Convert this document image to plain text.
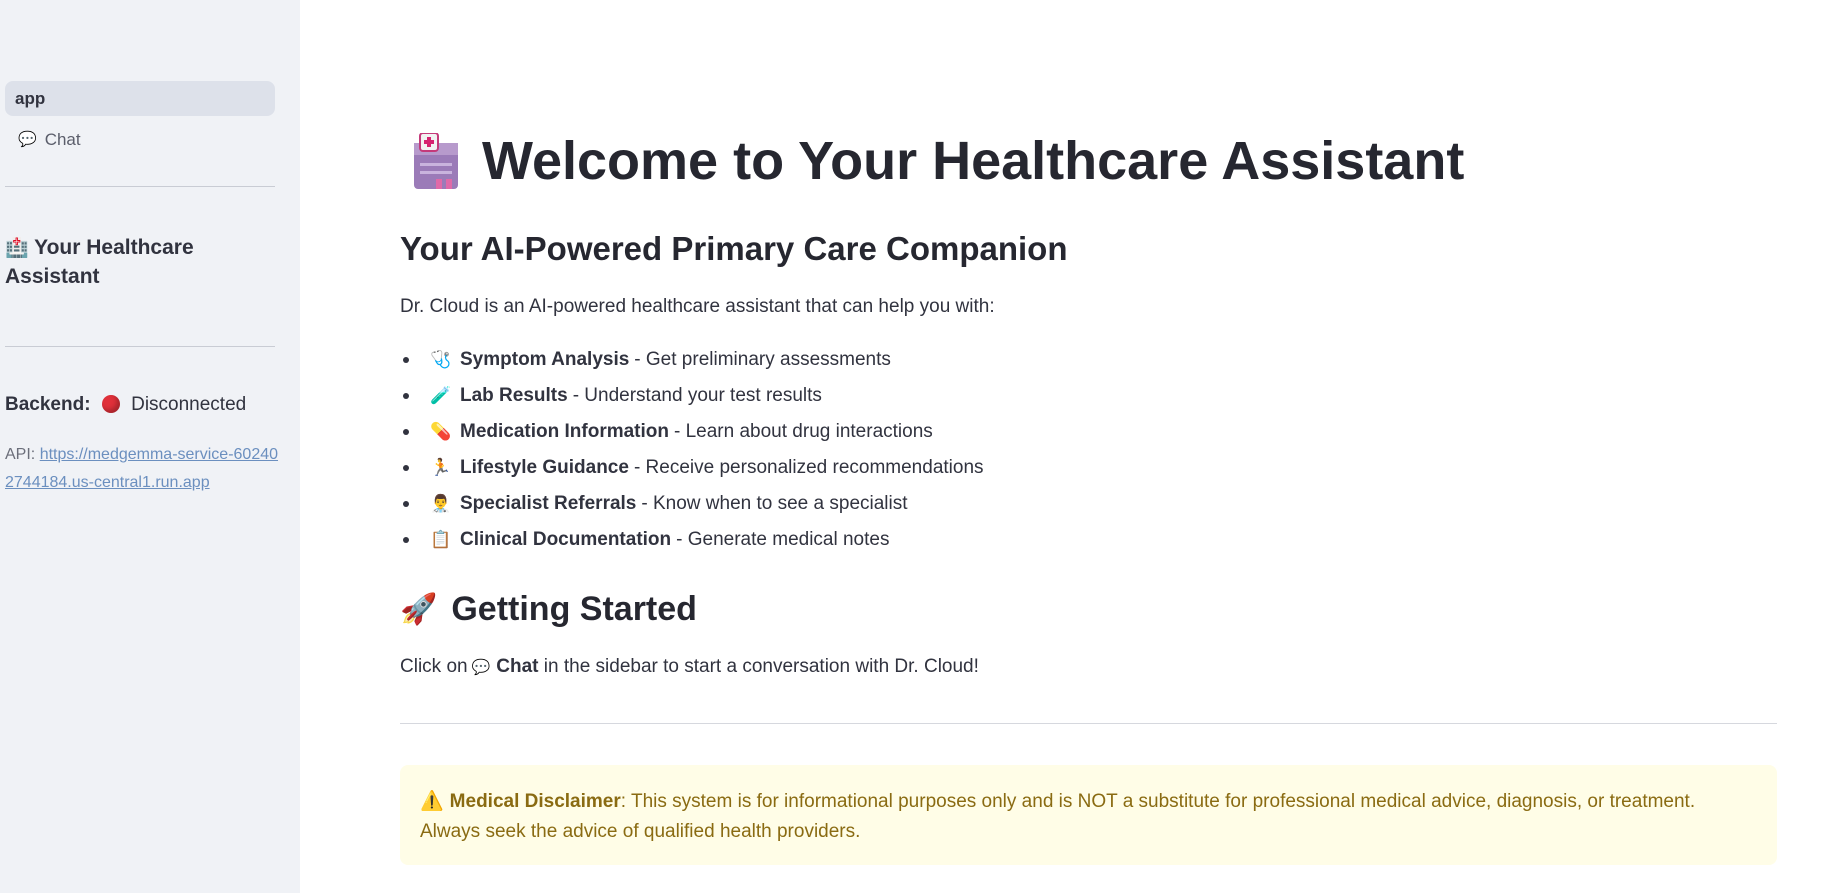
app
💬 Chat
🏥 Your Healthcare Assistant
Backend: Disconnected
API: https://medgemma-service-602402744184.us-central1.run.app
Welcome to Your Healthcare Assistant
Your AI-Powered Primary Care Companion
Dr. Cloud is an AI-powered healthcare assistant that can help you with:
🩺 Symptom Analysis - Get preliminary assessments
🧪 Lab Results - Understand your test results
💊 Medication Information - Learn about drug interactions
🏃 Lifestyle Guidance - Receive personalized recommendations
👨‍⚕️ Specialist Referrals - Know when to see a specialist
📋 Clinical Documentation - Generate medical notes
🚀 Getting Started
Click on 💬 Chat in the sidebar to start a conversation with Dr. Cloud!
⚠️ Medical Disclaimer: This system is for informational purposes only and is NOT a substitute for professional medical advice, diagnosis, or treatment. Always seek the advice of qualified health providers.
